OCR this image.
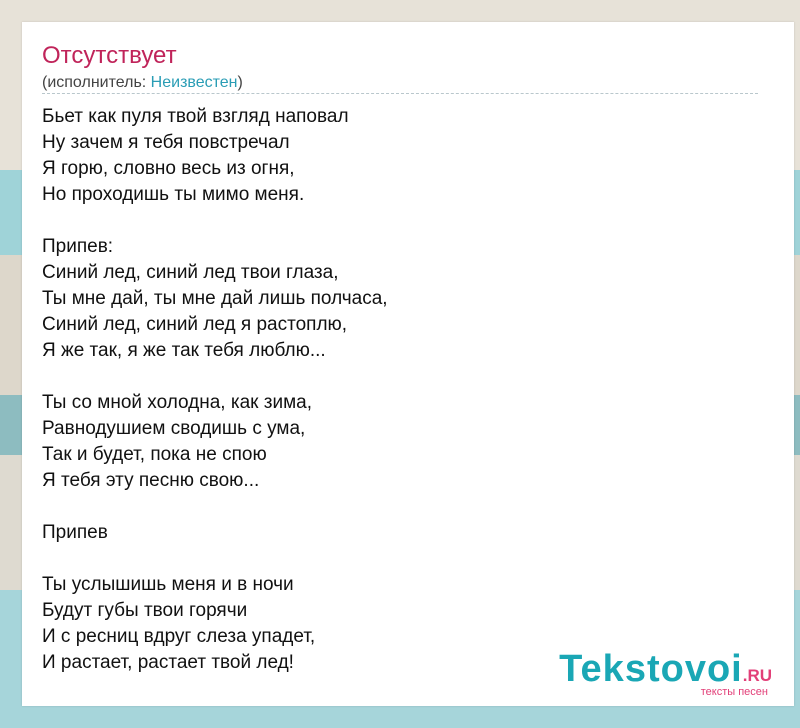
Отсутствует
(исполнитель: Неизвестен)
Бьет как пуля твой взгляд наповал
Ну зачем я тебя повстречал
Я горю, словно весь из огня,
Но проходишь ты мимо меня.
Припев:
Синий лед, синий лед твои глаза,
Ты мне дай, ты мне дай лишь полчаса,
Синий лед, синий лед я растоплю,
Я же так, я же так тебя люблю...
Ты со мной холодна, как зима,
Равнодушием сводишь с ума,
Так и будет, пока не спою
Я тебя эту песню свою...
Припев
Ты услышишь меня и в ночи
Будут губы твои горячи
И с ресниц вдруг слеза упадет,
И растает, растает твой лед!	Tekstovoi.RU
тексты песен
